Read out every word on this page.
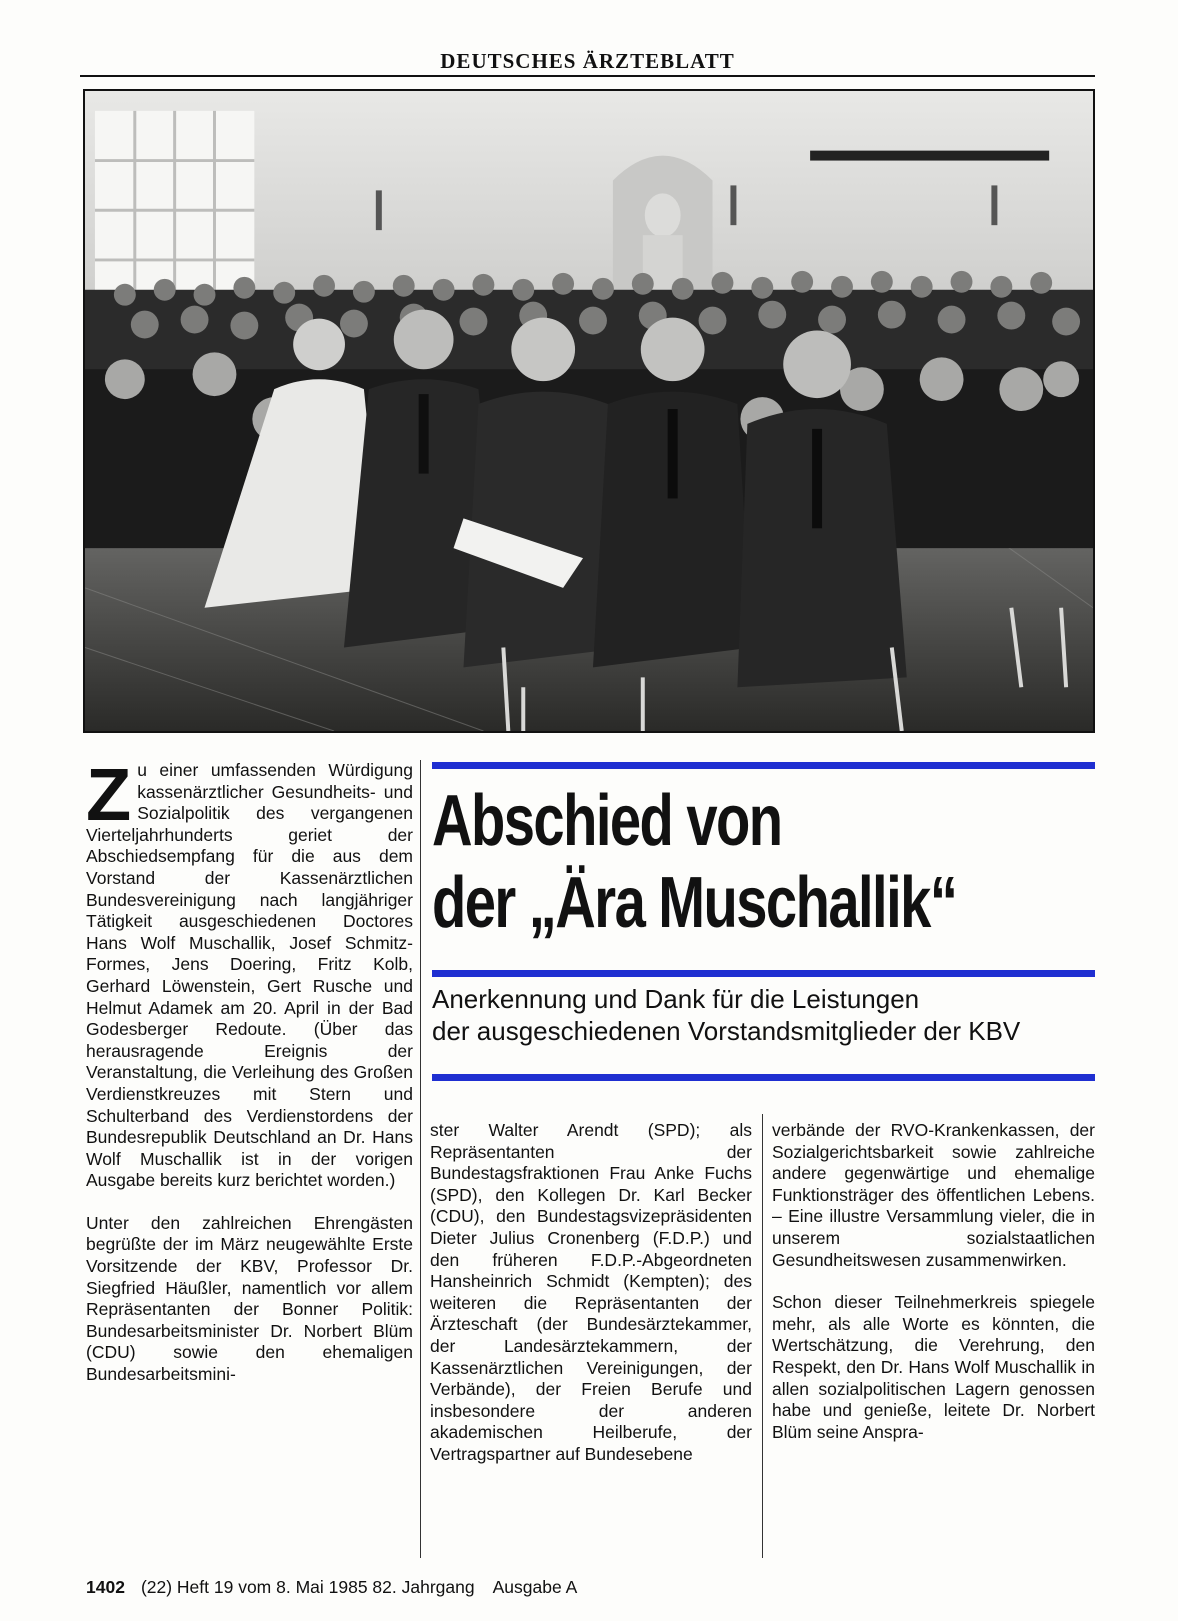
DEUTSCHES ÄRZTEBLATT

Zu einer umfassenden Würdigung kassenärztlicher Gesundheits- und Sozialpolitik des vergangenen Vierteljahrhunderts geriet der Abschiedsempfang für die aus dem Vorstand der Kassenärztlichen Bundesvereinigung nach langjähriger Tätigkeit ausgeschiedenen Doctores Hans Wolf Muschallik, Josef Schmitz-Formes, Jens Doering, Fritz Kolb, Gerhard Löwenstein, Gert Rusche und Helmut Adamek am 20. April in der Bad Godesberger Redoute. (Über das herausragende Ereignis der Veranstaltung, die Verleihung des Großen Verdienstkreuzes mit Stern und Schulterband des Verdienstordens der Bundesrepublik Deutschland an Dr. Hans Wolf Muschallik ist in der vorigen Ausgabe bereits kurz berichtet worden.)

Unter den zahlreichen Ehrengästen begrüßte der im März neugewählte Erste Vorsitzende der KBV, Professor Dr. Siegfried Häußler, namentlich vor allem Repräsentanten der Bonner Politik: Bundesarbeitsminister Dr. Norbert Blüm (CDU) sowie den ehemaligen Bundesarbeitsmini-

Abschied von
der „Ära Muschallik“
Anerkennung und Dank für die Leistungen
der ausgeschiedenen Vorstandsmitglieder der KBV

ster Walter Arendt (SPD); als Repräsentanten der Bundestagsfraktionen Frau Anke Fuchs (SPD), den Kollegen Dr. Karl Becker (CDU), den Bundestagsvizepräsidenten Dieter Julius Cronenberg (F.D.P.) und den früheren F.D.P.-Abgeordneten Hansheinrich Schmidt (Kempten); des weiteren die Repräsentanten der Ärzteschaft (der Bundesärztekammer, der Landesärztekammern, der Kassenärztlichen Vereinigungen, der Verbände), der Freien Berufe und insbesondere der anderen akademischen Heilberufe, der Vertragspartner auf Bundesebene

verbände der RVO-Krankenkassen, der Sozialgerichtsbarkeit sowie zahlreiche andere gegenwärtige und ehemalige Funktionsträger des öffentlichen Lebens. – Eine illustre Versammlung vieler, die in unserem sozialstaatlichen Gesundheitswesen zusammenwirken.

Schon dieser Teilnehmerkreis spiegele mehr, als alle Worte es könnten, die Wertschätzung, die Verehrung, den Respekt, den Dr. Hans Wolf Muschallik in allen sozialpolitischen Lagern genossen habe und genieße, leitete Dr. Norbert Blüm seine Anspra-

1402 (22) Heft 19 vom 8. Mai 1985 82. Jahrgang Ausgabe A
